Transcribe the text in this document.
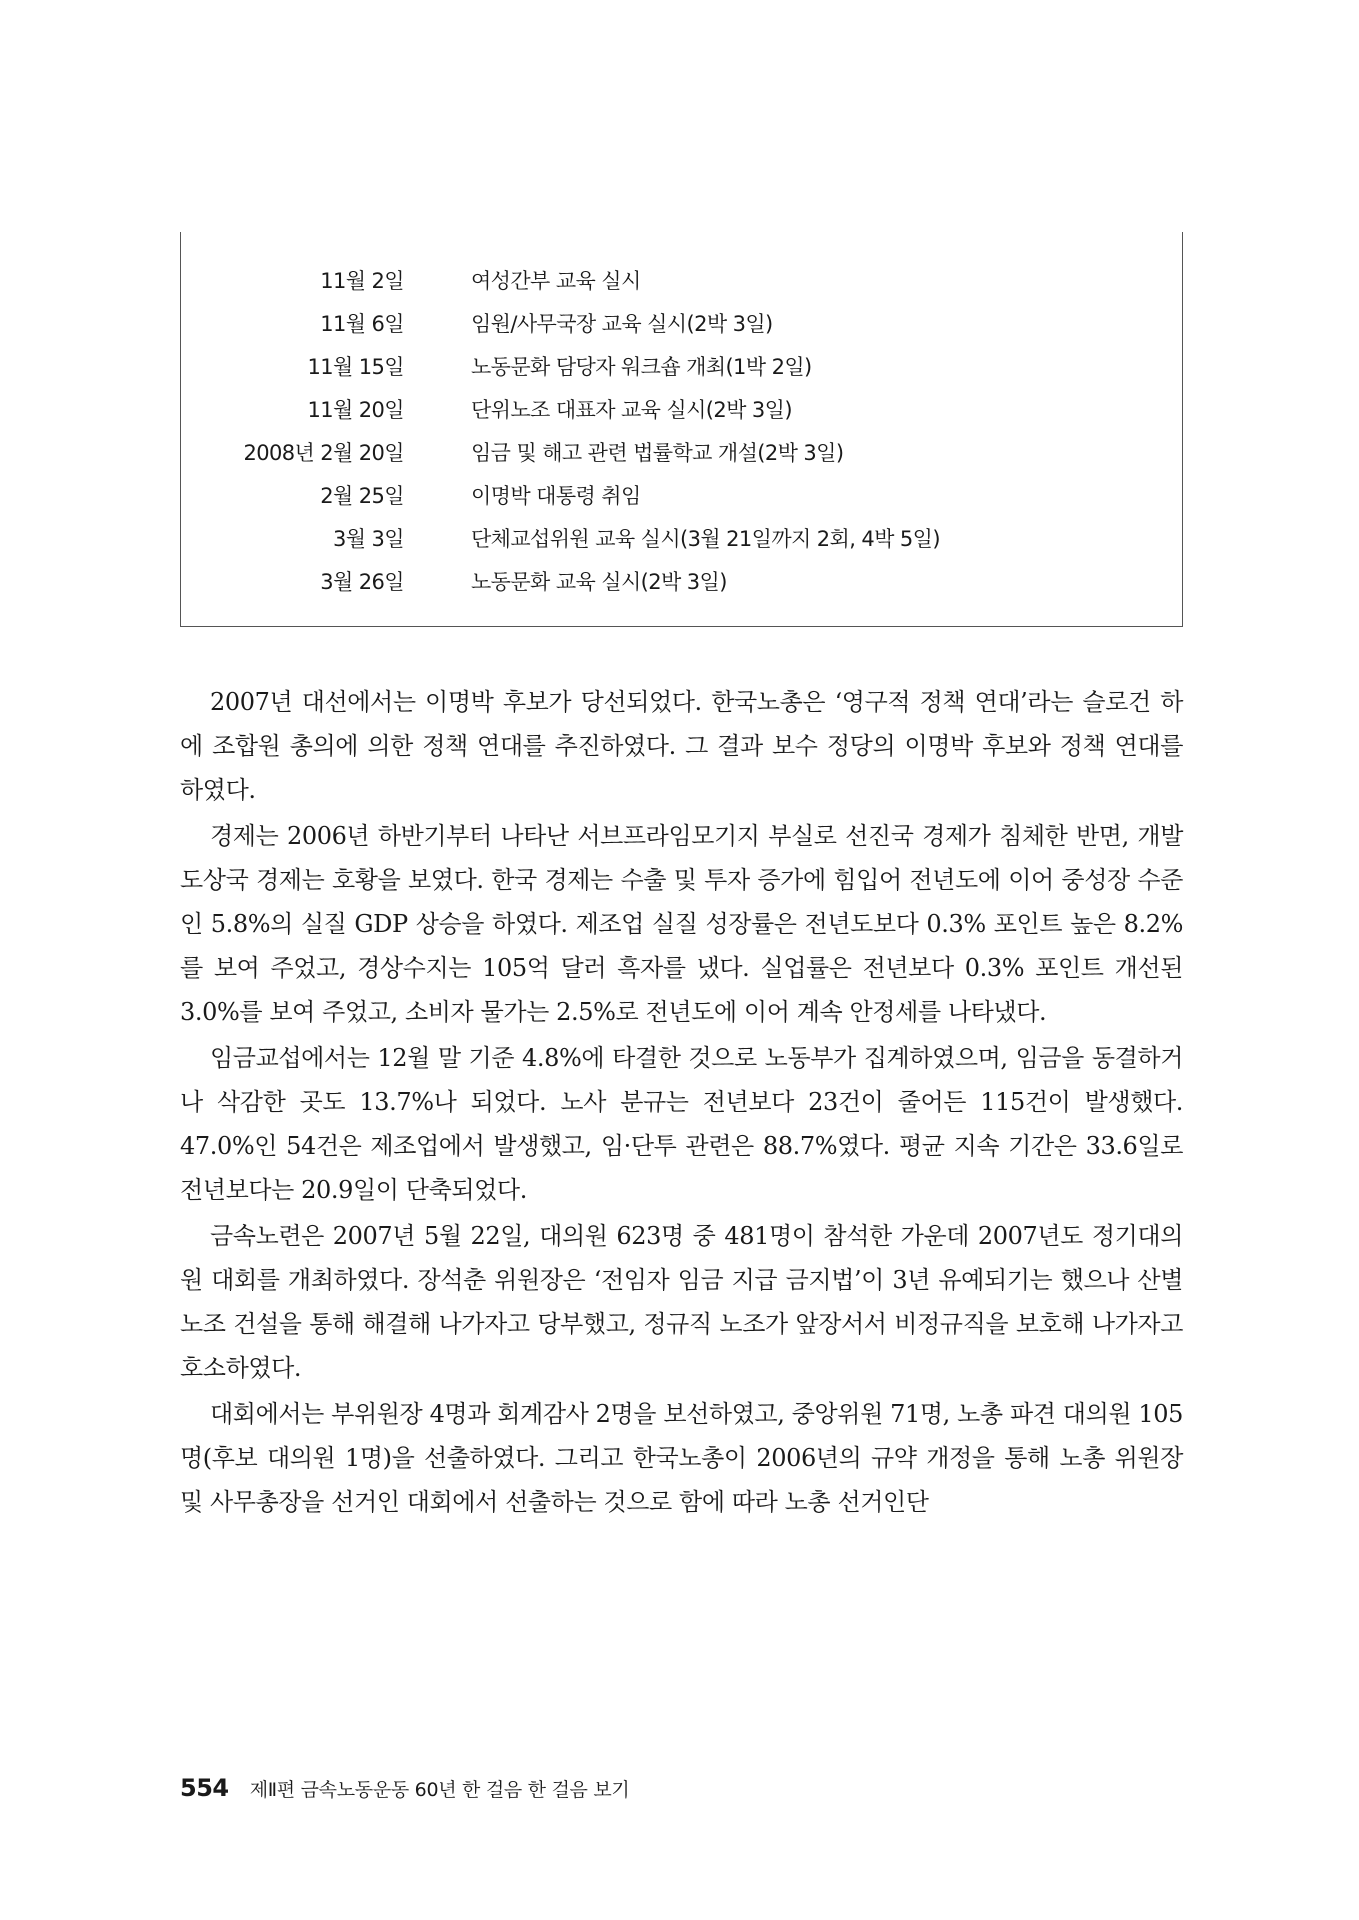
11월 2일	여성간부 교육 실시
11월 6일	임원/사무국장 교육 실시(2박 3일)
11월 15일	노동문화 담당자 워크숍 개최(1박 2일)
11월 20일	단위노조 대표자 교육 실시(2박 3일)
2008년 2월 20일	임금 및 해고 관련 법률학교 개설(2박 3일)
2월 25일	이명박 대통령 취임
3월 3일	단체교섭위원 교육 실시(3월 21일까지 2회, 4박 5일)
3월 26일	노동문화 교육 실시(2박 3일)

2007년 대선에서는 이명박 후보가 당선되었다. 한국노총은 ‘영구적 정책 연대’라는 슬로건 하에 조합원 총의에 의한 정책 연대를 추진하였다. 그 결과 보수 정당의 이명박 후보와 정책 연대를 하였다.

경제는 2006년 하반기부터 나타난 서브프라임모기지 부실로 선진국 경제가 침체한 반면, 개발도상국 경제는 호황을 보였다. 한국 경제는 수출 및 투자 증가에 힘입어 전년도에 이어 중성장 수준인 5.8%의 실질 GDP 상승을 하였다. 제조업 실질 성장률은 전년도보다 0.3% 포인트 높은 8.2%를 보여 주었고, 경상수지는 105억 달러 흑자를 냈다. 실업률은 전년보다 0.3% 포인트 개선된 3.0%를 보여 주었고, 소비자 물가는 2.5%로 전년도에 이어 계속 안정세를 나타냈다.

임금교섭에서는 12월 말 기준 4.8%에 타결한 것으로 노동부가 집계하였으며, 임금을 동결하거나 삭감한 곳도 13.7%나 되었다. 노사 분규는 전년보다 23건이 줄어든 115건이 발생했다. 47.0%인 54건은 제조업에서 발생했고, 임·단투 관련은 88.7%였다. 평균 지속 기간은 33.6일로 전년보다는 20.9일이 단축되었다.

금속노련은 2007년 5월 22일, 대의원 623명 중 481명이 참석한 가운데 2007년도 정기대의원 대회를 개최하였다. 장석춘 위원장은 ‘전임자 임금 지급 금지법’이 3년 유예되기는 했으나 산별 노조 건설을 통해 해결해 나가자고 당부했고, 정규직 노조가 앞장서서 비정규직을 보호해 나가자고 호소하였다.

대회에서는 부위원장 4명과 회계감사 2명을 보선하였고, 중앙위원 71명, 노총 파견 대의원 105명(후보 대의원 1명)을 선출하였다. 그리고 한국노총이 2006년의 규약 개정을 통해 노총 위원장 및 사무총장을 선거인 대회에서 선출하는 것으로 함에 따라 노총 선거인단

554 제Ⅱ편 금속노동운동 60년 한 걸음 한 걸음 보기
